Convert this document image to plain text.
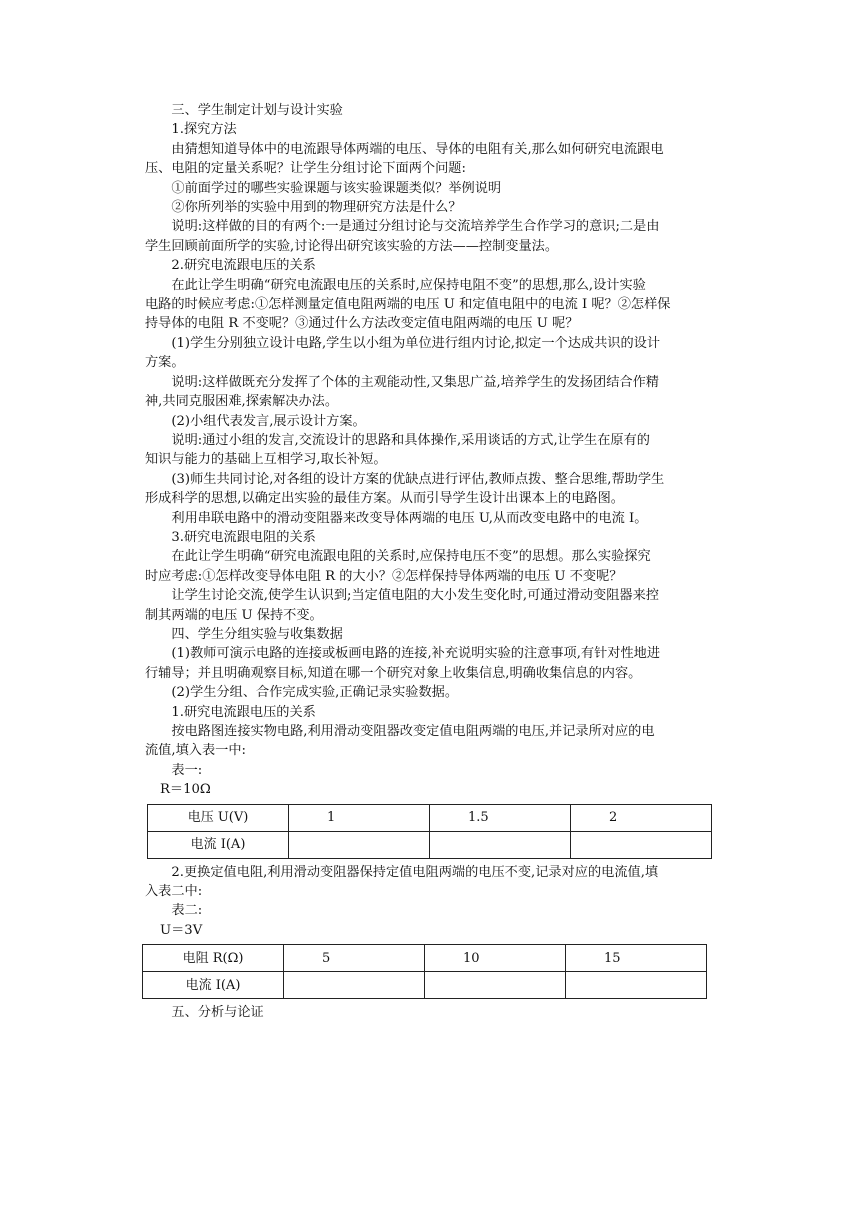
三、学生制定计划与设计实验

1.探究方法

由猜想知道导体中的电流跟导体两端的电压、导体的电阻有关,那么如何研究电流跟电

压、电阻的定量关系呢？让学生分组讨论下面两个问题:

①前面学过的哪些实验课题与该实验课题类似？举例说明

②你所列举的实验中用到的物理研究方法是什么？

说明:这样做的目的有两个:一是通过分组讨论与交流培养学生合作学习的意识;二是由

学生回顾前面所学的实验,讨论得出研究该实验的方法——控制变量法。

2.研究电流跟电压的关系

在此让学生明确“研究电流跟电压的关系时,应保持电阻不变”的思想,那么,设计实验

电路的时候应考虑:①怎样测量定值电阻两端的电压 U 和定值电阻中的电流 I 呢？②怎样保

持导体的电阻 R 不变呢？③通过什么方法改变定值电阻两端的电压 U 呢？

(1)学生分别独立设计电路,学生以小组为单位进行组内讨论,拟定一个达成共识的设计

方案。

说明:这样做既充分发挥了个体的主观能动性,又集思广益,培养学生的发扬团结合作精

神,共同克服困难,探索解决办法。

(2)小组代表发言,展示设计方案。

说明:通过小组的发言,交流设计的思路和具体操作,采用谈话的方式,让学生在原有的

知识与能力的基础上互相学习,取长补短。

(3)师生共同讨论,对各组的设计方案的优缺点进行评估,教师点拨、整合思维,帮助学生

形成科学的思想,以确定出实验的最佳方案。从而引导学生设计出课本上的电路图。

利用串联电路中的滑动变阻器来改变导体两端的电压 U,从而改变电路中的电流 I。

3.研究电流跟电阻的关系

在此让学生明确“研究电流跟电阻的关系时,应保持电压不变”的思想。那么实验探究

时应考虑:①怎样改变导体电阻 R 的大小？②怎样保持导体两端的电压 U 不变呢？

让学生讨论交流,使学生认识到;当定值电阻的大小发生变化时,可通过滑动变阻器来控

制其两端的电压 U 保持不变。

四、学生分组实验与收集数据

(1)教师可演示电路的连接或板画电路的连接,补充说明实验的注意事项,有针对性地进

行辅导；并且明确观察目标,知道在哪一个研究对象上收集信息,明确收集信息的内容。

(2)学生分组、合作完成实验,正确记录实验数据。

1.研究电流跟电压的关系

按电路图连接实物电路,利用滑动变阻器改变定值电阻两端的电压,并记录所对应的电

流值,填入表一中:

表一:

R＝10Ω

电压 U(V)	1	1.5	2
电流 I(A)			

2.更换定值电阻,利用滑动变阻器保持定值电阻两端的电压不变,记录对应的电流值,填

入表二中:

表二:

U＝3V

电阻 R(Ω)	5	10	15
电流 I(A)			

五、分析与论证
